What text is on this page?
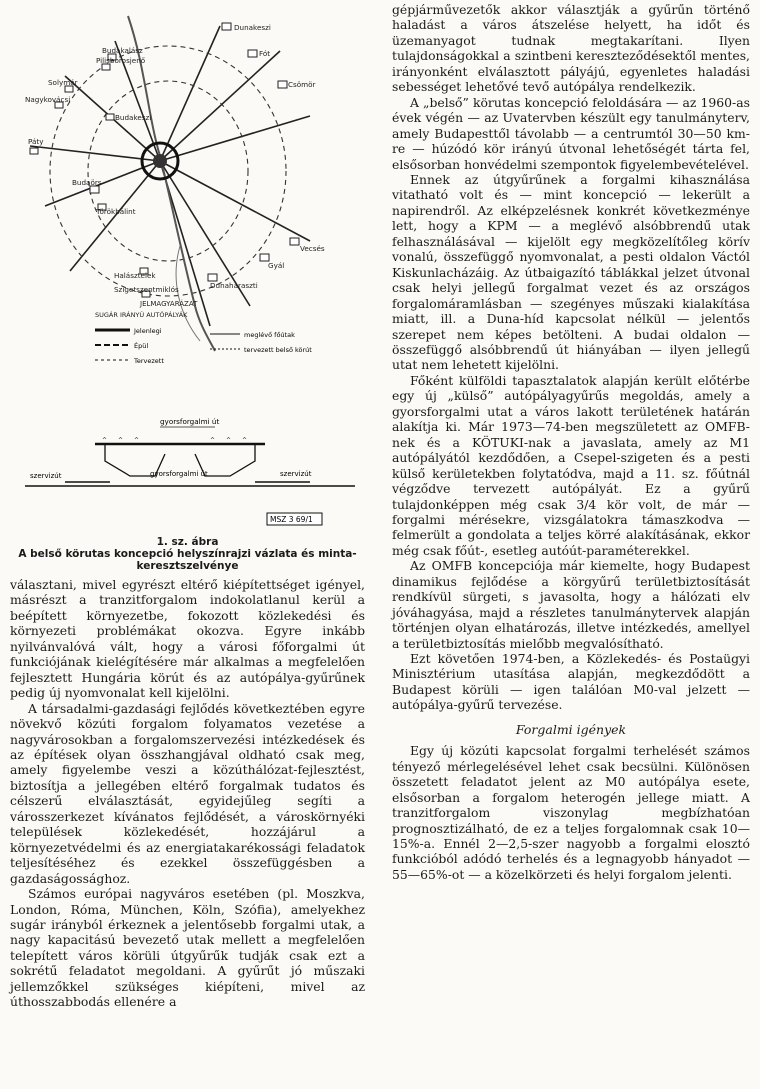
Dunakeszi
Budakalász
Pilisborosjenő
Fót
Solymár
Nagykovácsi
Csömör
Budakeszi
Páty
Budaörs
Törökbálint
Vecsés
Gyál
Halásztelek
Szigetszentmiklós	Dunaharaszti
JELMAGYARÁZAT
SUGÁR IRÁNYÚ AUTÓPÁLYÁK
Jelenlegi
Épül
Tervezett
meglévő főútak
tervezett belső körút
gyorsforgalmi út
^ ^ ^	^ ^ ^
szervizút	gyorsforgalmi út	szervizút
MSZ 3 69/1
1. sz. ábra
A belső körutas koncepció helyszínrajzi vázlata és minta-keresztszelvénye

választani, mivel egyrészt eltérő kiépítettséget igényel, másrészt a tranzitforgalom indokolatlanul kerül a beépített környezetbe, fokozott közlekedési és környezeti problémákat okozva. Egyre inkább nyilvánvalóvá vált, hogy a városi főforgalmi út funkciójának kielégítésére már alkalmas a megfelelően fejlesztett Hungária körút és az autópálya-gyűrűnek pedig új nyomvonalat kell kijelölni.

A társadalmi-gazdasági fejlődés következtében egyre növekvő közúti forgalom folyamatos vezetése a nagyvárosokban a forgalomszervezési intézkedések és az építések olyan összhangjával oldható csak meg, amely figyelembe veszi a közúthálózat-fejlesztést, biztosítja a jellegében eltérő forgalmak tudatos és célszerű elválasztását, egyidejűleg segíti a városszerkezet kívánatos fejlődését, a városkörnyéki települések közlekedését, hozzájárul a környezetvédelmi és az energiatakarékossági feladatok teljesítéséhez és ezekkel összefüggésben a gazdaságossághoz.

Számos európai nagyváros esetében (pl. Moszkva, London, Róma, München, Köln, Szófia), amelyekhez sugár irányból érkeznek a jelentősebb forgalmi utak, a nagy kapacitású bevezető utak mellett a megfelelően telepített város körüli útgyűrűk tudják csak ezt a sokrétű feladatot megoldani. A gyűrűt jó műszaki jellemzőkkel szükséges kiépíteni, mivel az úthosszabbodás ellenére a

gépjárművezetők akkor választják a gyűrűn történő haladást a város átszelése helyett, ha időt és üzemanyagot tudnak megtakarítani. Ilyen tulajdonságokkal a szintbeni kereszteződésektől mentes, irányonként elválasztott pályájú, egyenletes haladási sebességet lehetővé tevő autópálya rendelkezik.

A „belső” körutas koncepció feloldására — az 1960-as évek végén — az Uvatervben készült egy tanulmányterv, amely Budapesttől távolabb — a centrumtól 30—50 km-re — húzódó kör irányú útvonal lehetőségét tárta fel, elsősorban honvédelmi szempontok figyelembevételével.

Ennek az útgyűrűnek a forgalmi kihasználása vitatható volt és — mint koncepció — lekerült a napirendről. Az elképzelésnek konkrét következménye lett, hogy a KPM — a meglévő alsóbbrendű utak felhasználásával — kijelölt egy megközelítőleg körív vonalú, összefüggő nyomvonalat, a pesti oldalon Váctól Kiskunlacházáig. Az útbaigazító táblákkal jelzet útvonal csak helyi jellegű forgalmat vezet és az országos forgalomáramlásban — szegényes műszaki kialakítása miatt, ill. a Duna-híd kapcsolat nélkül — jelentős szerepet nem képes betölteni. A budai oldalon — összefüggő alsóbbrendű út hiányában — ilyen jellegű utat nem lehetett kijelölni.

Főként külföldi tapasztalatok alapján került előtérbe egy új „külső” autópályagyűrűs megoldás, amely a gyorsforgalmi utat a város lakott területének határán alakítja ki. Már 1973—74-ben megszületett az OMFB-nek és a KÖTUKI-nak a javaslata, amely az M1 autópályától kezdődően, a Csepel-szigeten és a pesti külső kerületekben folytatódva, majd a 11. sz. főútnál végződve tervezett autópályát. Ez a gyűrű tulajdonképpen még csak 3/4 kör volt, de már — forgalmi mérésekre, vizsgálatokra támaszkodva — felmerült a gondolata a teljes körré alakításának, ekkor még csak főút-, esetleg autóút-paraméterekkel.

Az OMFB koncepciója már kiemelte, hogy Budapest dinamikus fejlődése a körgyűrű területbiztosítását rendkívül sürgeti, s javasolta, hogy a hálózati elv jóváhagyása, majd a részletes tanulmánytervek alapján történjen olyan elhatározás, illetve intézkedés, amellyel a területbiztosítás mielőbb megvalósítható.

Ezt követően 1974-ben, a Közlekedés- és Postaügyi Minisztérium utasítása alapján, megkezdődött a Budapest körüli — igen találóan M0-val jelzett — autópálya-gyűrű tervezése.

Forgalmi igények

Egy új közúti kapcsolat forgalmi terhelését számos tényező mérlegelésével lehet csak becsülni. Különösen összetett feladatot jelent az M0 autópálya esete, elsősorban a forgalom heterogén jellege miatt. A tranzitforgalom viszonylag megbízhatóan prognosztizálható, de ez a teljes forgalomnak csak 10—15%-a. Ennél 2—2,5-szer nagyobb a forgalmi elosztó funkcióból adódó terhelés és a legnagyobb hányadot — 55—65%-ot — a közelkörzeti és helyi forgalom jelenti.
